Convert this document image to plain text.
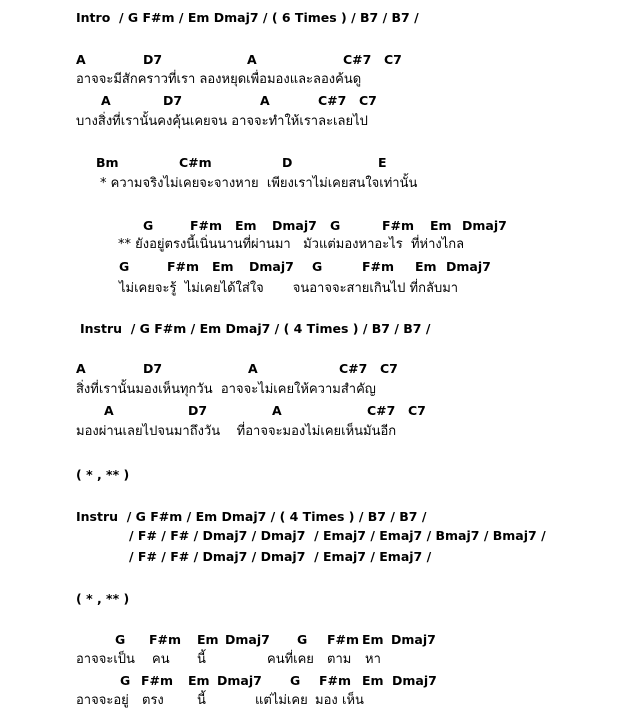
Intro  / G F#m / Em Dmaj7 / ( 6 Times ) / B7 / B7 /
A	D7	A	C#7 C7
อาจจะมีสักคราวที่เรา ลองหยุดเพื่อมองและลองค้นดู
A	D7	A	C#7 C7
บางสิ่งที่เรานั้นคงคุ้นเคยจน อาจจะทำให้เราละเลยไป
Bm	C#m	D	E
* ความจริงไม่เคยจะจางหาย  เพียงเราไม่เคยสนใจเท่านั้น
G	F#m Em Dmaj7 G	F#m Em Dmaj7
** ยังอยู่ตรงนี้เนิ่นนานที่ผ่านมา   มัวแต่มองหาอะไร  ที่ห่างไกล
G	F#m Em Dmaj7 G	F#m Em Dmaj7
ไม่เคยจะรู้  ไม่เคยได้ใส่ใจ       จนอาจจะสายเกินไป ที่กลับมา
Instru  / G F#m / Em Dmaj7 / ( 4 Times ) / B7 / B7 /
A	D7	A	C#7 C7
สิ่งที่เรานั้นมองเห็นทุกวัน  อาจจะไม่เคยให้ความสำคัญ
A	D7	A	C#7 C7
มองผ่านเลยไปจนมาถึงวัน    ที่อาจจะมองไม่เคยเห็นมันอีก
( * , ** )
Instru  / G F#m / Em Dmaj7 / ( 4 Times ) / B7 / B7 /
/ F# / F# / Dmaj7 / Dmaj7  / Emaj7 / Emaj7 / Bmaj7 / Bmaj7 /
/ F# / F# / Dmaj7 / Dmaj7  / Emaj7 / Emaj7 /
( * , ** )
G F#m Em Dmaj7 G F#m Em Dmaj7
อาจจะเป็น คน นี้	คนที่เคย ตาม หา
G F#m Em Dmaj7 G F#m Em Dmaj7
อาจจะอยู่ ตรง	นี้	แต่ไม่เคย มอง เห็น
